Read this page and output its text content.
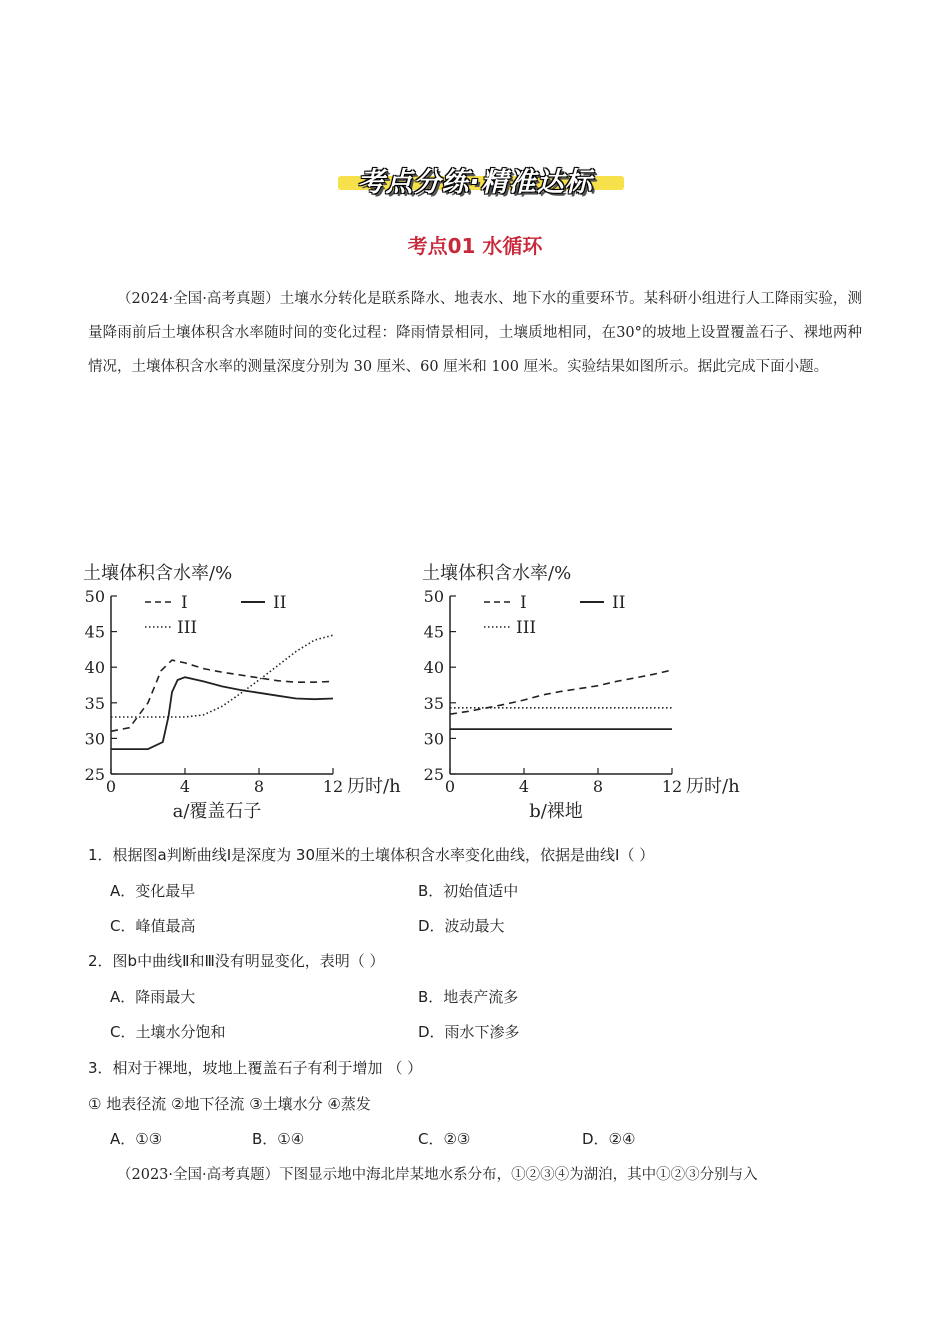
考点分练·精准达标
考点01 水循环
（2024·全国·高考真题）土壤水分转化是联系降水、地表水、地下水的重要环节。某科研小组进行人工降雨实验，测量降雨前后土壤体积含水率随时间的变化过程：降雨情景相同，土壤质地相同，在30°的坡地上设置覆盖石子、裸地两种情况，土壤体积含水率的测量深度分别为 30 厘米、60 厘米和 100 厘米。实验结果如图所示。据此完成下面小题。
土壤体积含水率/%
25
30
35
40
45
50
0	4	8	12 历时/h
a/覆盖石子
I	II
III
土壤体积含水率/%
25
30
35
40
45
50
0	4	8	12 历时/h
b/裸地
I	II
III
1．根据图a判断曲线Ⅰ是深度为 30厘米的土壤体积含水率变化曲线，依据是曲线Ⅰ（ ）
A．变化最早	B．初始值适中
C．峰值最高	D．波动最大
2．图b中曲线Ⅱ和Ⅲ没有明显变化，表明（ ）
A．降雨最大	B．地表产流多
C．土壤水分饱和	D．雨水下渗多
3．相对于裸地，坡地上覆盖石子有利于增加 （ ）
① 地表径流 ②地下径流 ③土壤水分 ④蒸发
A．①③	B．①④	C．②③	D．②④
（2023·全国·高考真题）下图显示地中海北岸某地水系分布，①②③④为湖泊，其中①②③分别与入
